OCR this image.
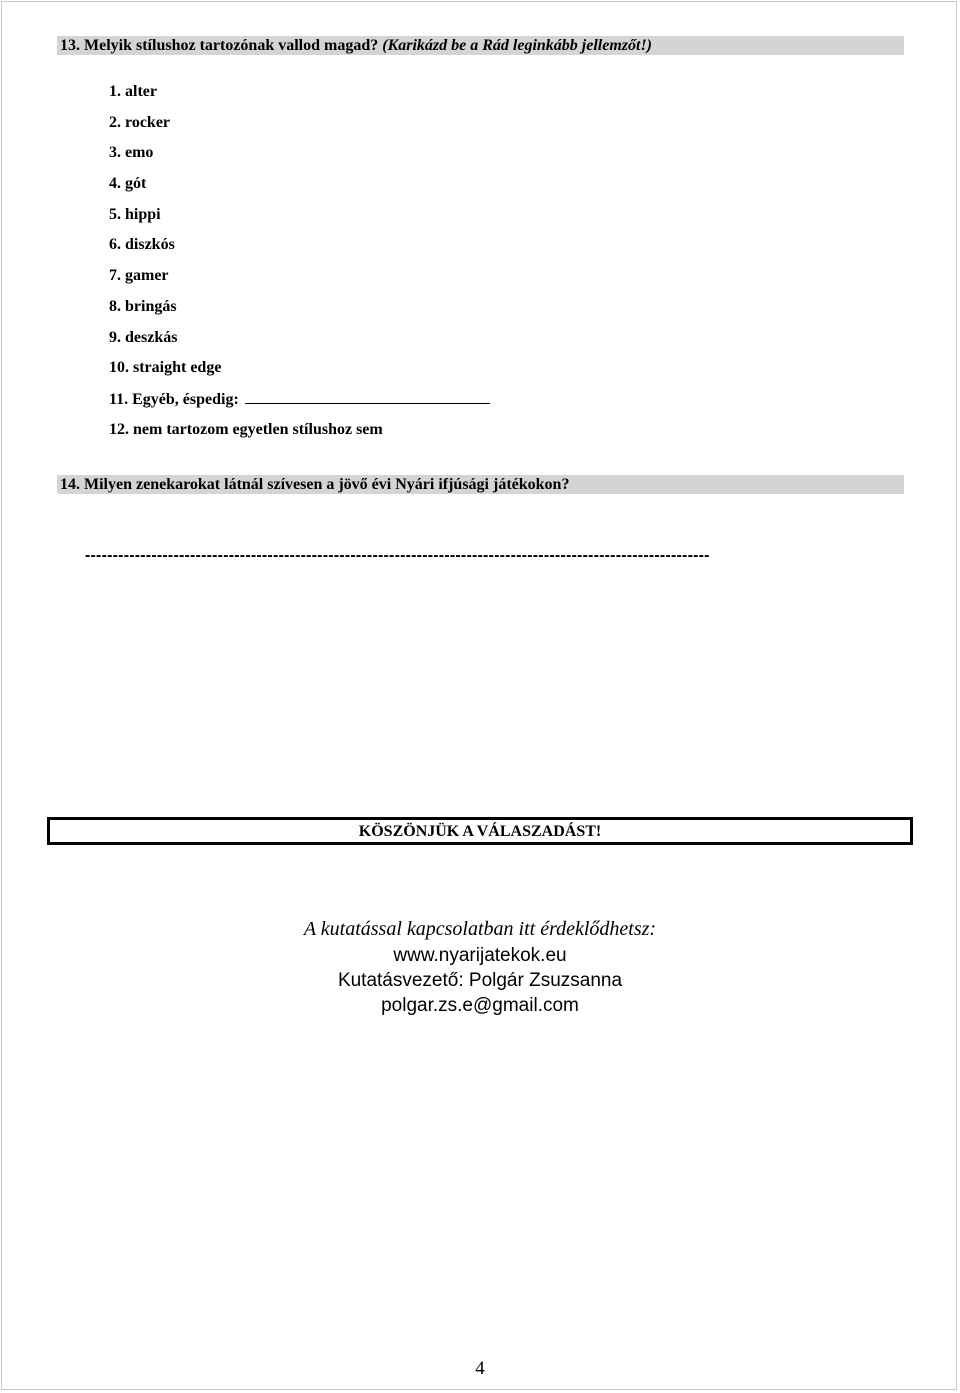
13. Melyik stílushoz tartozónak vallod magad? (Karikázd be a Rád leginkább jellemzőt!)
1. alter
2. rocker
3. emo
4. gót
5. hippi
6. diszkós
7. gamer
8. bringás
9. deszkás
10. straight edge
11. Egyéb, éspedig:
12. nem tartozom egyetlen stílushoz sem
14. Milyen zenekarokat látnál szívesen a jövő évi Nyári ifjúsági játékokon?
-----------------------------------------------------------------------------------------------------------------
KÖSZÖNJÜK A VÁLASZADÁST!
A kutatással kapcsolatban itt érdeklődhetsz:
www.nyarijatekok.eu
Kutatásvezető: Polgár Zsuzsanna
polgar.zs.e@gmail.com
4
